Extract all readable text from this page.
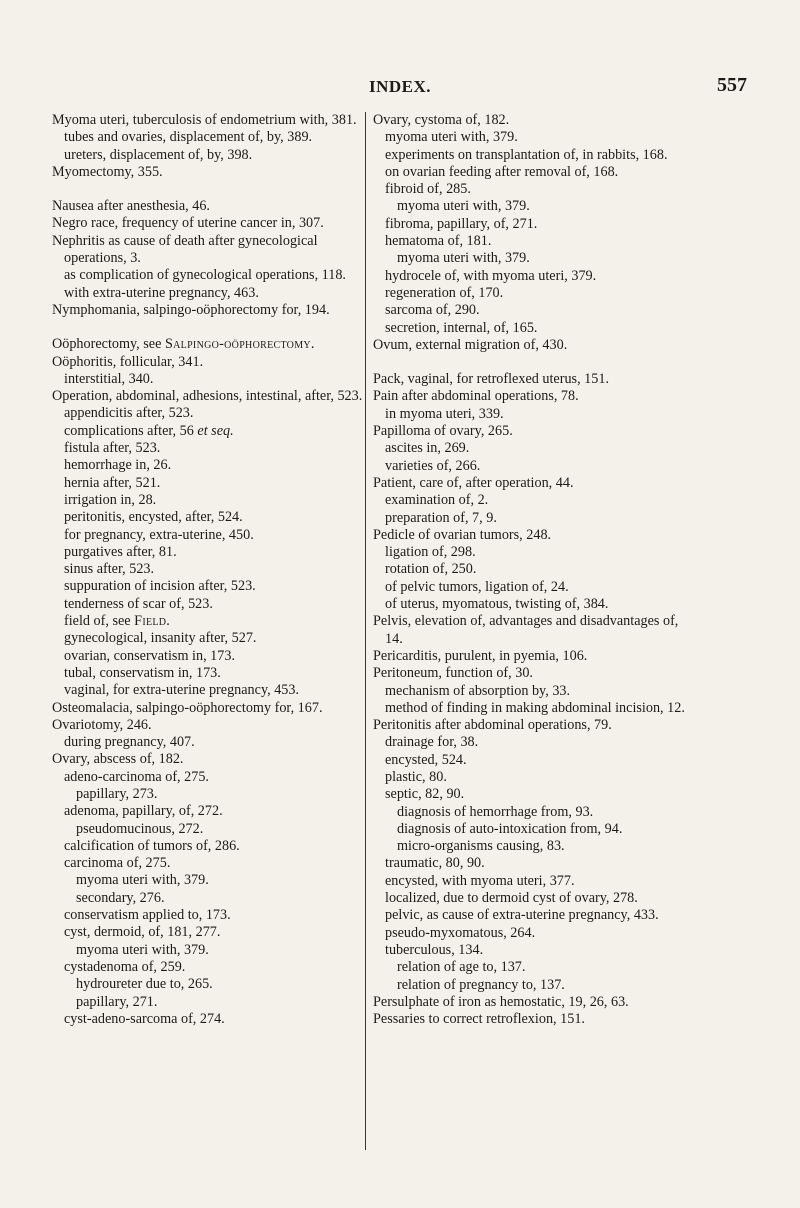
INDEX.	557
Myoma uteri, tuberculosis of endometrium with, 381.
tubes and ovaries, displacement of, by, 389.
ureters, displacement of, by, 398.
Myomectomy, 355.
Nausea after anesthesia, 46.
Negro race, frequency of uterine cancer in, 307.
Nephritis as cause of death after gynecological operations, 3.
as complication of gynecological operations, 118.
with extra-uterine pregnancy, 463.
Nymphomania, salpingo-oöphorectomy for, 194.
Oöphorectomy, see Salpingo-oöphorectomy.
Oöphoritis, follicular, 341.
interstitial, 340.
Operation, abdominal, adhesions, intestinal, after, 523.
appendicitis after, 523.
complications after, 56 et seq.
fistula after, 523.
hemorrhage in, 26.
hernia after, 521.
irrigation in, 28.
peritonitis, encysted, after, 524.
for pregnancy, extra-uterine, 450.
purgatives after, 81.
sinus after, 523.
suppuration of incision after, 523.
tenderness of scar of, 523.
field of, see Field.
gynecological, insanity after, 527.
ovarian, conservatism in, 173.
tubal, conservatism in, 173.
vaginal, for extra-uterine pregnancy, 453.
Osteomalacia, salpingo-oöphorectomy for, 167.
Ovariotomy, 246.
during pregnancy, 407.
Ovary, abscess of, 182.
adeno-carcinoma of, 275.
papillary, 273.
adenoma, papillary, of, 272.
pseudomucinous, 272.
calcification of tumors of, 286.
carcinoma of, 275.
myoma uteri with, 379.
secondary, 276.
conservatism applied to, 173.
cyst, dermoid, of, 181, 277.
myoma uteri with, 379.
cystadenoma of, 259.
hydroureter due to, 265.
papillary, 271.
cyst-adeno-sarcoma of, 274.
Ovary, cystoma of, 182.
myoma uteri with, 379.
experiments on transplantation of, in rabbits, 168.
on ovarian feeding after removal of, 168.
fibroid of, 285.
myoma uteri with, 379.
fibroma, papillary, of, 271.
hematoma of, 181.
myoma uteri with, 379.
hydrocele of, with myoma uteri, 379.
regeneration of, 170.
sarcoma of, 290.
secretion, internal, of, 165.
Ovum, external migration of, 430.
Pack, vaginal, for retroflexed uterus, 151.
Pain after abdominal operations, 78.
in myoma uteri, 339.
Papilloma of ovary, 265.
ascites in, 269.
varieties of, 266.
Patient, care of, after operation, 44.
examination of, 2.
preparation of, 7, 9.
Pedicle of ovarian tumors, 248.
ligation of, 298.
rotation of, 250.
of pelvic tumors, ligation of, 24.
of uterus, myomatous, twisting of, 384.
Pelvis, elevation of, advantages and disadvantages of, 14.
Pericarditis, purulent, in pyemia, 106.
Peritoneum, function of, 30.
mechanism of absorption by, 33.
method of finding in making abdominal incision, 12.
Peritonitis after abdominal operations, 79.
drainage for, 38.
encysted, 524.
plastic, 80.
septic, 82, 90.
diagnosis of hemorrhage from, 93.
diagnosis of auto-intoxication from, 94.
micro-organisms causing, 83.
traumatic, 80, 90.
encysted, with myoma uteri, 377.
localized, due to dermoid cyst of ovary, 278.
pelvic, as cause of extra-uterine pregnancy, 433.
pseudo-myxomatous, 264.
tuberculous, 134.
relation of age to, 137.
relation of pregnancy to, 137.
Persulphate of iron as hemostatic, 19, 26, 63.
Pessaries to correct retroflexion, 151.
